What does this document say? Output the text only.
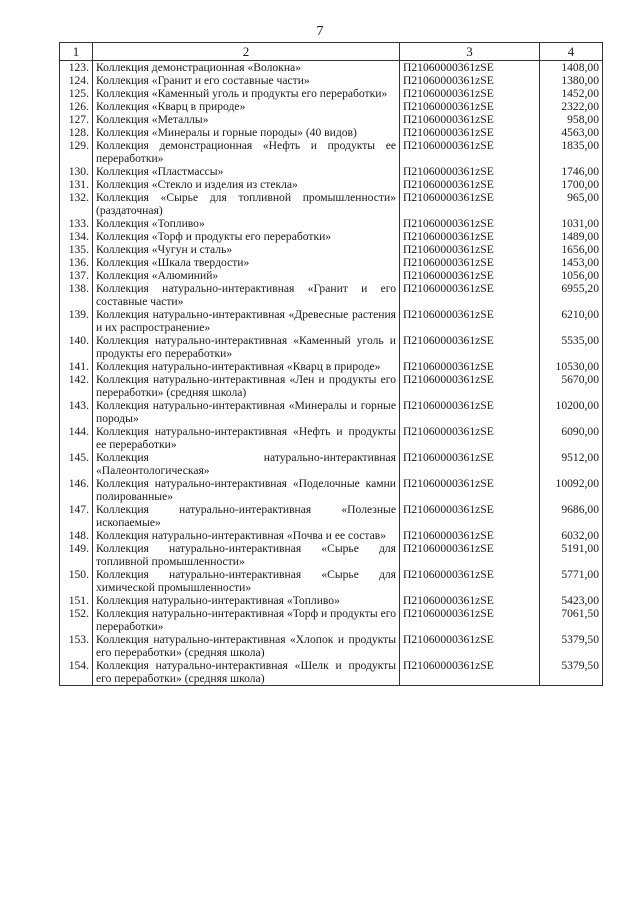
7
1	2	3	4
123.	Коллекция демонстрационная «Волокна»	П21060000361zSE	1408,00
124.	Коллекция «Гранит и его составные части»	П21060000361zSE	1380,00
125.	Коллекция «Каменный уголь и продукты его переработки»	П21060000361zSE	1452,00
126.	Коллекция «Кварц в природе»	П21060000361zSE	2322,00
127.	Коллекция «Металлы»	П21060000361zSE	958,00
128.	Коллекция «Минералы и горные породы» (40 видов)	П21060000361zSE	4563,00
129.	Коллекция демонстрационная «Нефть и продукты ее переработки»	П21060000361zSE	1835,00
130.	Коллекция «Пластмассы»	П21060000361zSE	1746,00
131.	Коллекция «Стекло и изделия из стекла»	П21060000361zSE	1700,00
132.	Коллекция «Сырье для топливной промышленности» (раздаточная)	П21060000361zSE	965,00
133.	Коллекция «Топливо»	П21060000361zSE	1031,00
134.	Коллекция «Торф и продукты его переработки»	П21060000361zSE	1489,00
135.	Коллекция «Чугун и сталь»	П21060000361zSE	1656,00
136.	Коллекция «Шкала твердости»	П21060000361zSE	1453,00
137.	Коллекция «Алюминий»	П21060000361zSE	1056,00
138.	Коллекция натурально-интерактивная «Гранит и его составные части»	П21060000361zSE	6955,20
139.	Коллекция натурально-интерактивная «Древесные растения и их распространение»	П21060000361zSE	6210,00
140.	Коллекция натурально-интерактивная «Каменный уголь и продукты его переработки»	П21060000361zSE	5535,00
141.	Коллекция натурально-интерактивная «Кварц в природе»	П21060000361zSE	10530,00
142.	Коллекция натурально-интерактивная «Лен и продукты его переработки» (средняя школа)	П21060000361zSE	5670,00
143.	Коллекция натурально-интерактивная «Минералы и горные породы»	П21060000361zSE	10200,00
144.	Коллекция натурально-интерактивная «Нефть и продукты ее переработки»	П21060000361zSE	6090,00
145.	Коллекция натурально-интерактивная «Палеонтологическая»	П21060000361zSE	9512,00
146.	Коллекция натурально-интерактивная «Поделочные камни полированные»	П21060000361zSE	10092,00
147.	Коллекция натурально-интерактивная «Полезные ископаемые»	П21060000361zSE	9686,00
148.	Коллекция натурально-интерактивная «Почва и ее состав»	П21060000361zSE	6032,00
149.	Коллекция натурально-интерактивная «Сырье для топливной промышленности»	П21060000361zSE	5191,00
150.	Коллекция натурально-интерактивная «Сырье для химической промышленности»	П21060000361zSE	5771,00
151.	Коллекция натурально-интерактивная «Топливо»	П21060000361zSE	5423,00
152.	Коллекция натурально-интерактивная «Торф и продукты его переработки»	П21060000361zSE	7061,50
153.	Коллекция натурально-интерактивная «Хлопок и продукты его переработки» (средняя школа)	П21060000361zSE	5379,50
154.	Коллекция натурально-интерактивная «Шелк и продукты его переработки» (средняя школа)	П21060000361zSE	5379,50
